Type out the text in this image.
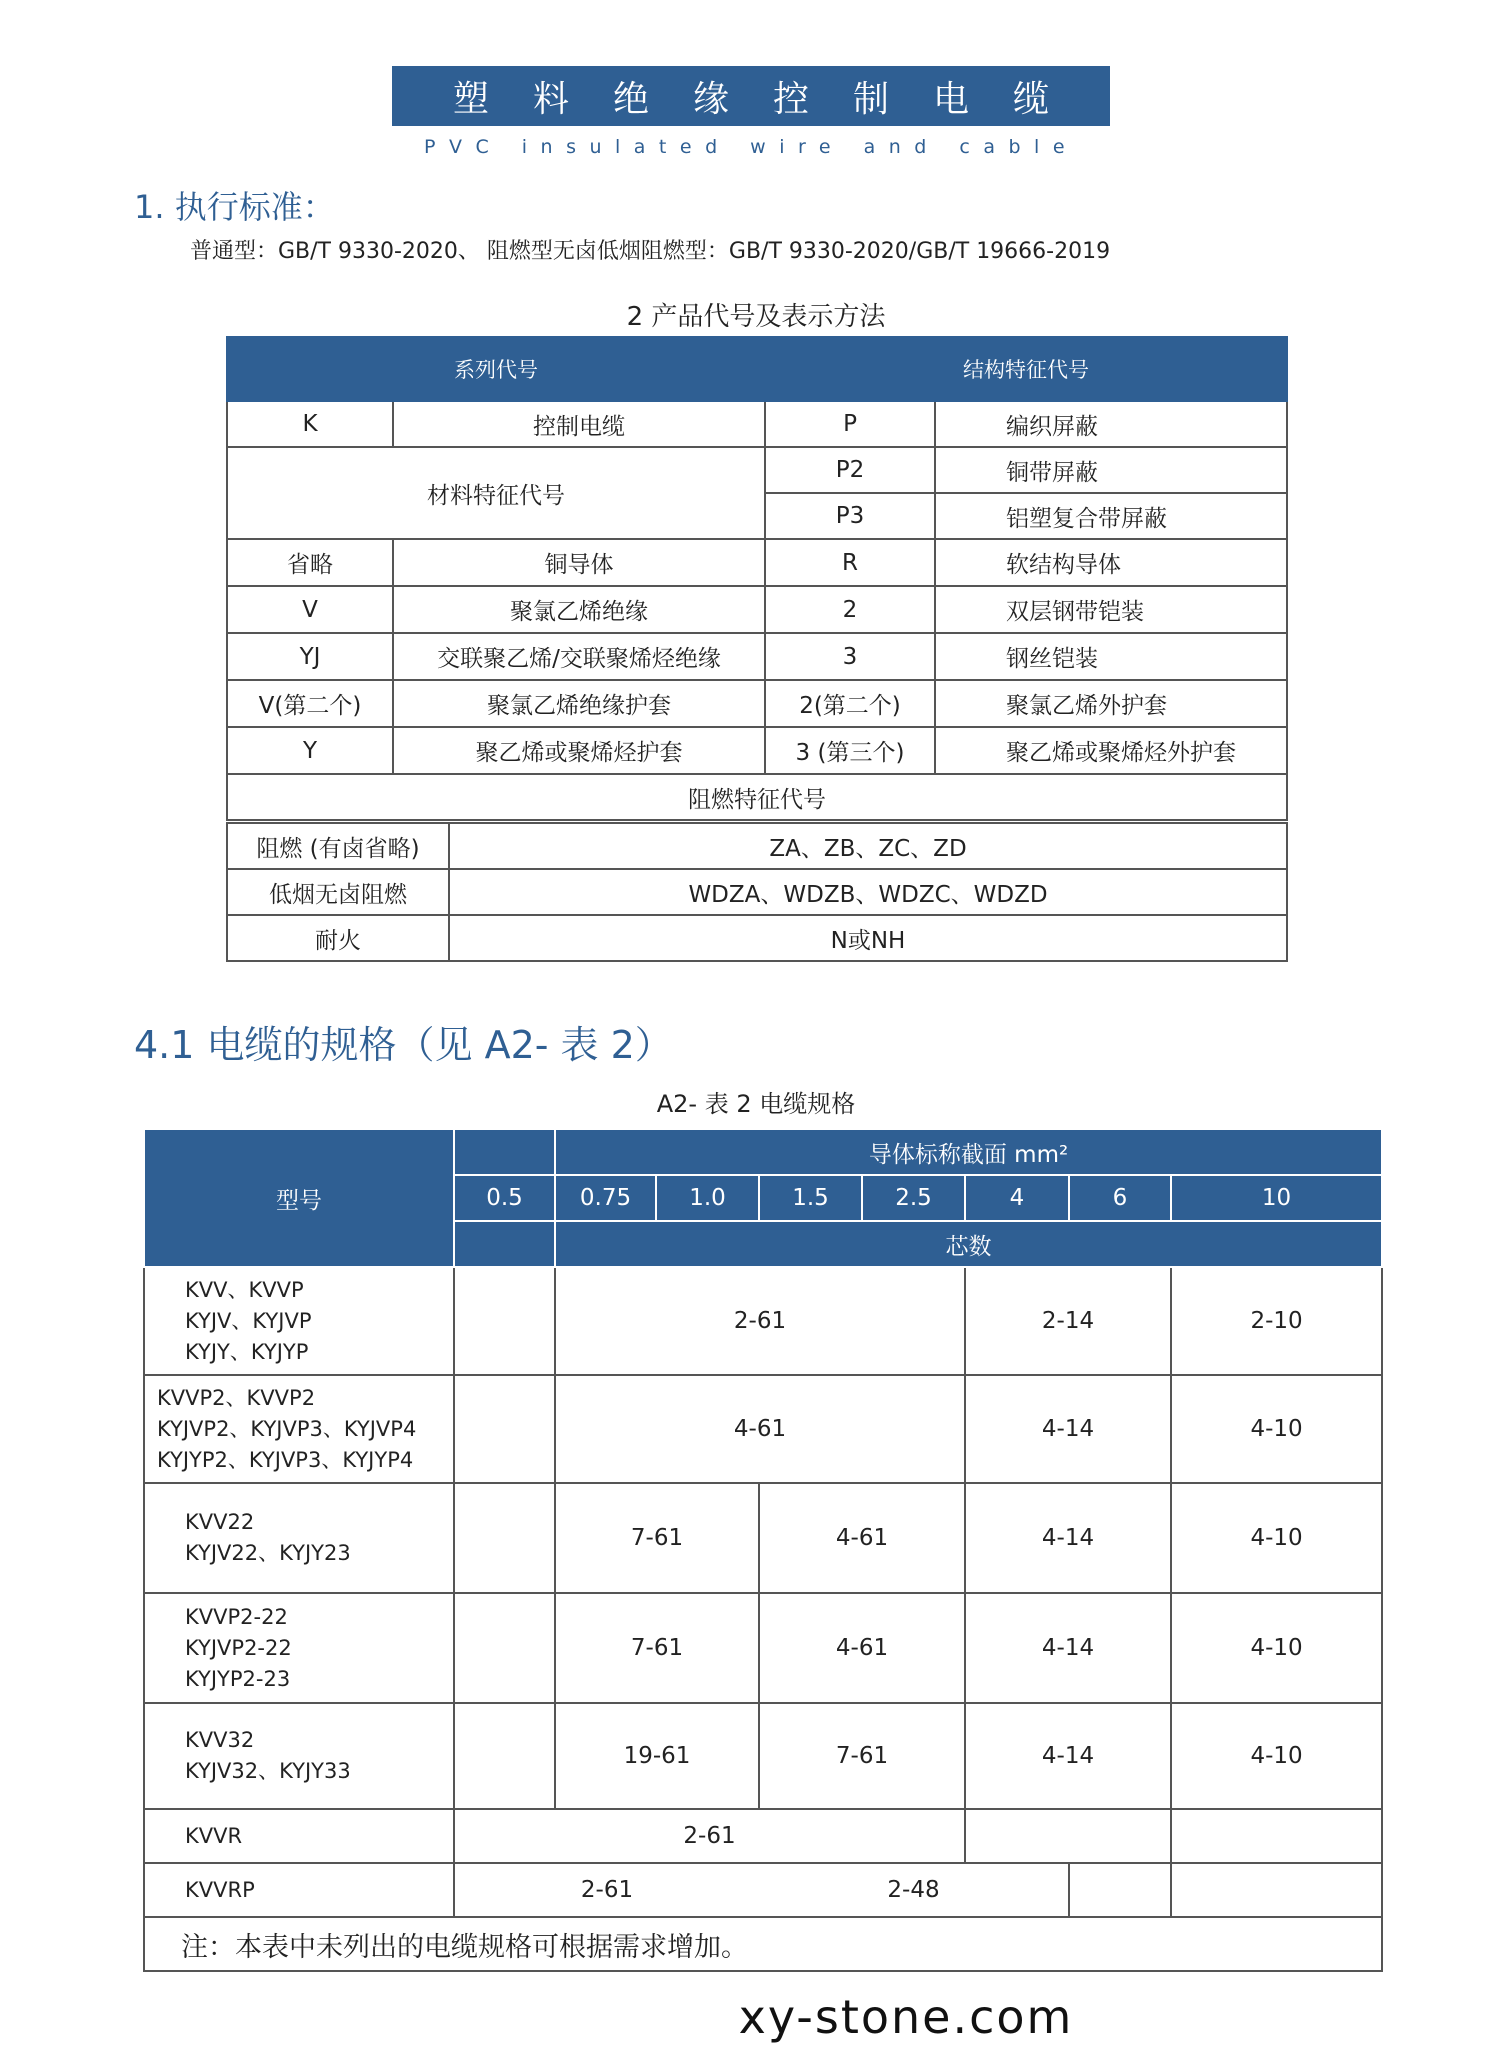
塑料绝缘控制电缆
PVC insulated wire and cable
1. 执行标准：
普通型：GB/T 9330-2020、 阻燃型无卤低烟阻燃型：GB/T 9330-2020/GB/T 19666-2019
2 产品代号及表示方法
系列代号		结构特征代号	
K	控制电缆	P	编织屏蔽
材料特征代号		P2	铜带屏蔽
		P3	铝塑复合带屏蔽
省略	铜导体	R	软结构导体
V	聚氯乙烯绝缘	2	双层钢带铠装
YJ	交联聚乙烯/交联聚烯烃绝缘	3	钢丝铠装
V(第二个)	聚氯乙烯绝缘护套	2(第二个)	聚氯乙烯外护套
Y	聚乙烯或聚烯烃护套	3 (第三个)	聚乙烯或聚烯烃外护套
阻燃特征代号			
阻燃 (有卤省略)	ZA、ZB、ZC、ZD
低烟无卤阻燃	WDZA、WDZB、WDZC、WDZD
耐火	N或NH
4.1 电缆的规格（见 A2- 表 2）
A2- 表 2 电缆规格
型号		导体标称截面 mm²						
	0.5	0.75	1.0	1.5	2.5	4	6	10
		芯数						

KVV、KVVP
KYJV、KYJVP
KYJY、KYJYP		2-61				2-14		2-10

KVVP2、KVVP2
KYJVP2、KYJVP3、KYJVP4
KYJYP2、KYJVP3、KYJYP4		4-61				4-14		4-10

KVV22
KYJV22、KYJY23		7-61		4-61		4-14		4-10

KVVP2-22
KYJVP2-22
KYJYP2-23		7-61		4-61		4-14		4-10

KVV32
KYJV32、KYJY33		19-61		7-61		4-14		4-10
KVVR	2-61							
KVVRP	2-61			2-48				
注：本表中未列出的电缆规格可根据需求增加。								
xy-stone.com
